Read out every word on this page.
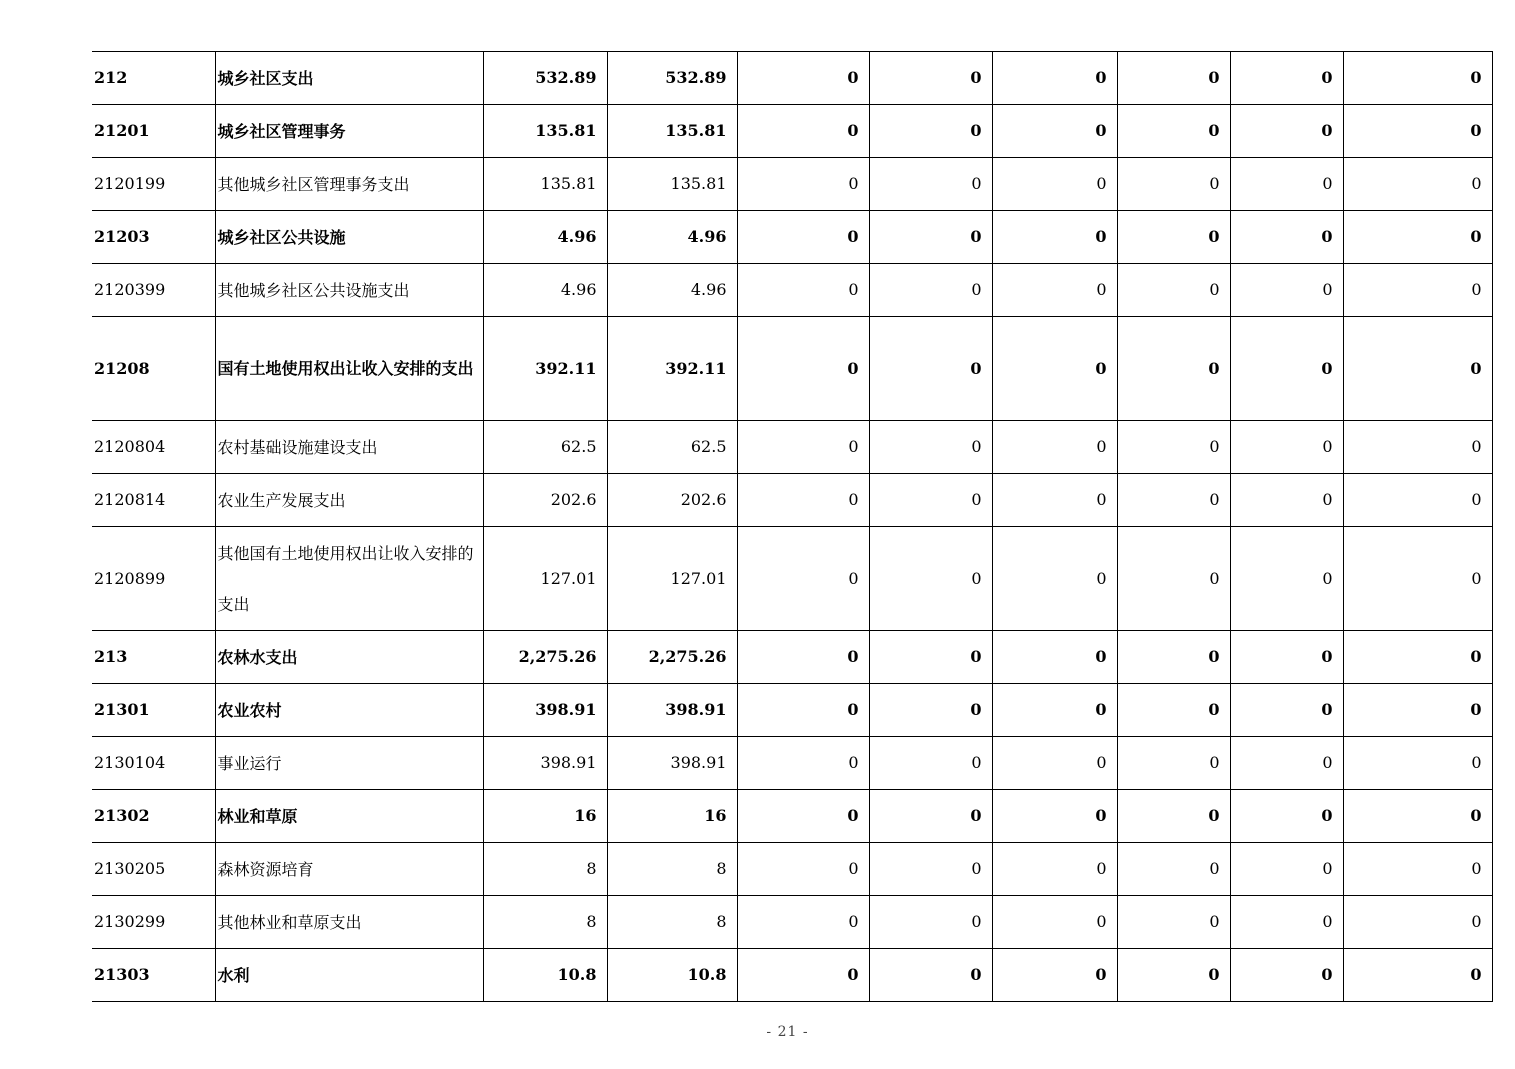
212	城乡社区支出	532.89	532.89	0	0	0	0	0	0
21201	城乡社区管理事务	135.81	135.81	0	0	0	0	0	0
2120199	其他城乡社区管理事务支出	135.81	135.81	0	0	0	0	0	0
21203	城乡社区公共设施	4.96	4.96	0	0	0	0	0	0
2120399	其他城乡社区公共设施支出	4.96	4.96	0	0	0	0	0	0
21208	国有土地使用权出让收入安排的支出	392.11	392.11	0	0	0	0	0	0
2120804	农村基础设施建设支出	62.5	62.5	0	0	0	0	0	0
2120814	农业生产发展支出	202.6	202.6	0	0	0	0	0	0
2120899	其他国有土地使用权出让收入安排的支出	127.01	127.01	0	0	0	0	0	0
213	农林水支出	2,275.26	2,275.26	0	0	0	0	0	0
21301	农业农村	398.91	398.91	0	0	0	0	0	0
2130104	事业运行	398.91	398.91	0	0	0	0	0	0
21302	林业和草原	16	16	0	0	0	0	0	0
2130205	森林资源培育	8	8	0	0	0	0	0	0
2130299	其他林业和草原支出	8	8	0	0	0	0	0	0
21303	水利	10.8	10.8	0	0	0	0	0	0
- 21 -
